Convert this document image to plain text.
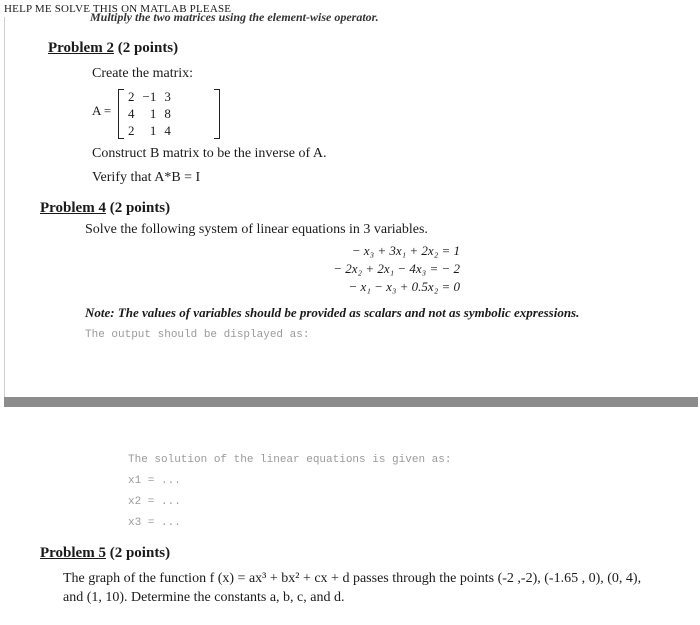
HELP ME SOLVE THIS ON MATLAB PLEASE
Multiply the two matrices using the element-wise operator.
Problem 2 (2 points)
Create the matrix:
A =
2	−1	3
4	1	8
2	1	4
Construct B matrix to be the inverse of A.
Verify that A*B = I
Problem 4 (2 points)
Solve the following system of linear equations in 3 variables.
− x₃ + 3x₁ + 2x₂ = 1
− 2x₂ + 2x₁ − 4x₃ = − 2
− x₁ − x₃ + 0.5x₂ = 0
Note: The values of variables should be provided as scalars and not as symbolic expressions.
The output should be displayed as:
The solution of the linear equations is given as:
x1 = ...
x2 = ...
x3 = ...
Problem 5 (2 points)
The graph of the function f (x) = ax³ + bx² + cx + d passes through the points (-2 ,-2), (-1.65 , 0), (0, 4),
and (1, 10). Determine the constants a, b, c, and d.
